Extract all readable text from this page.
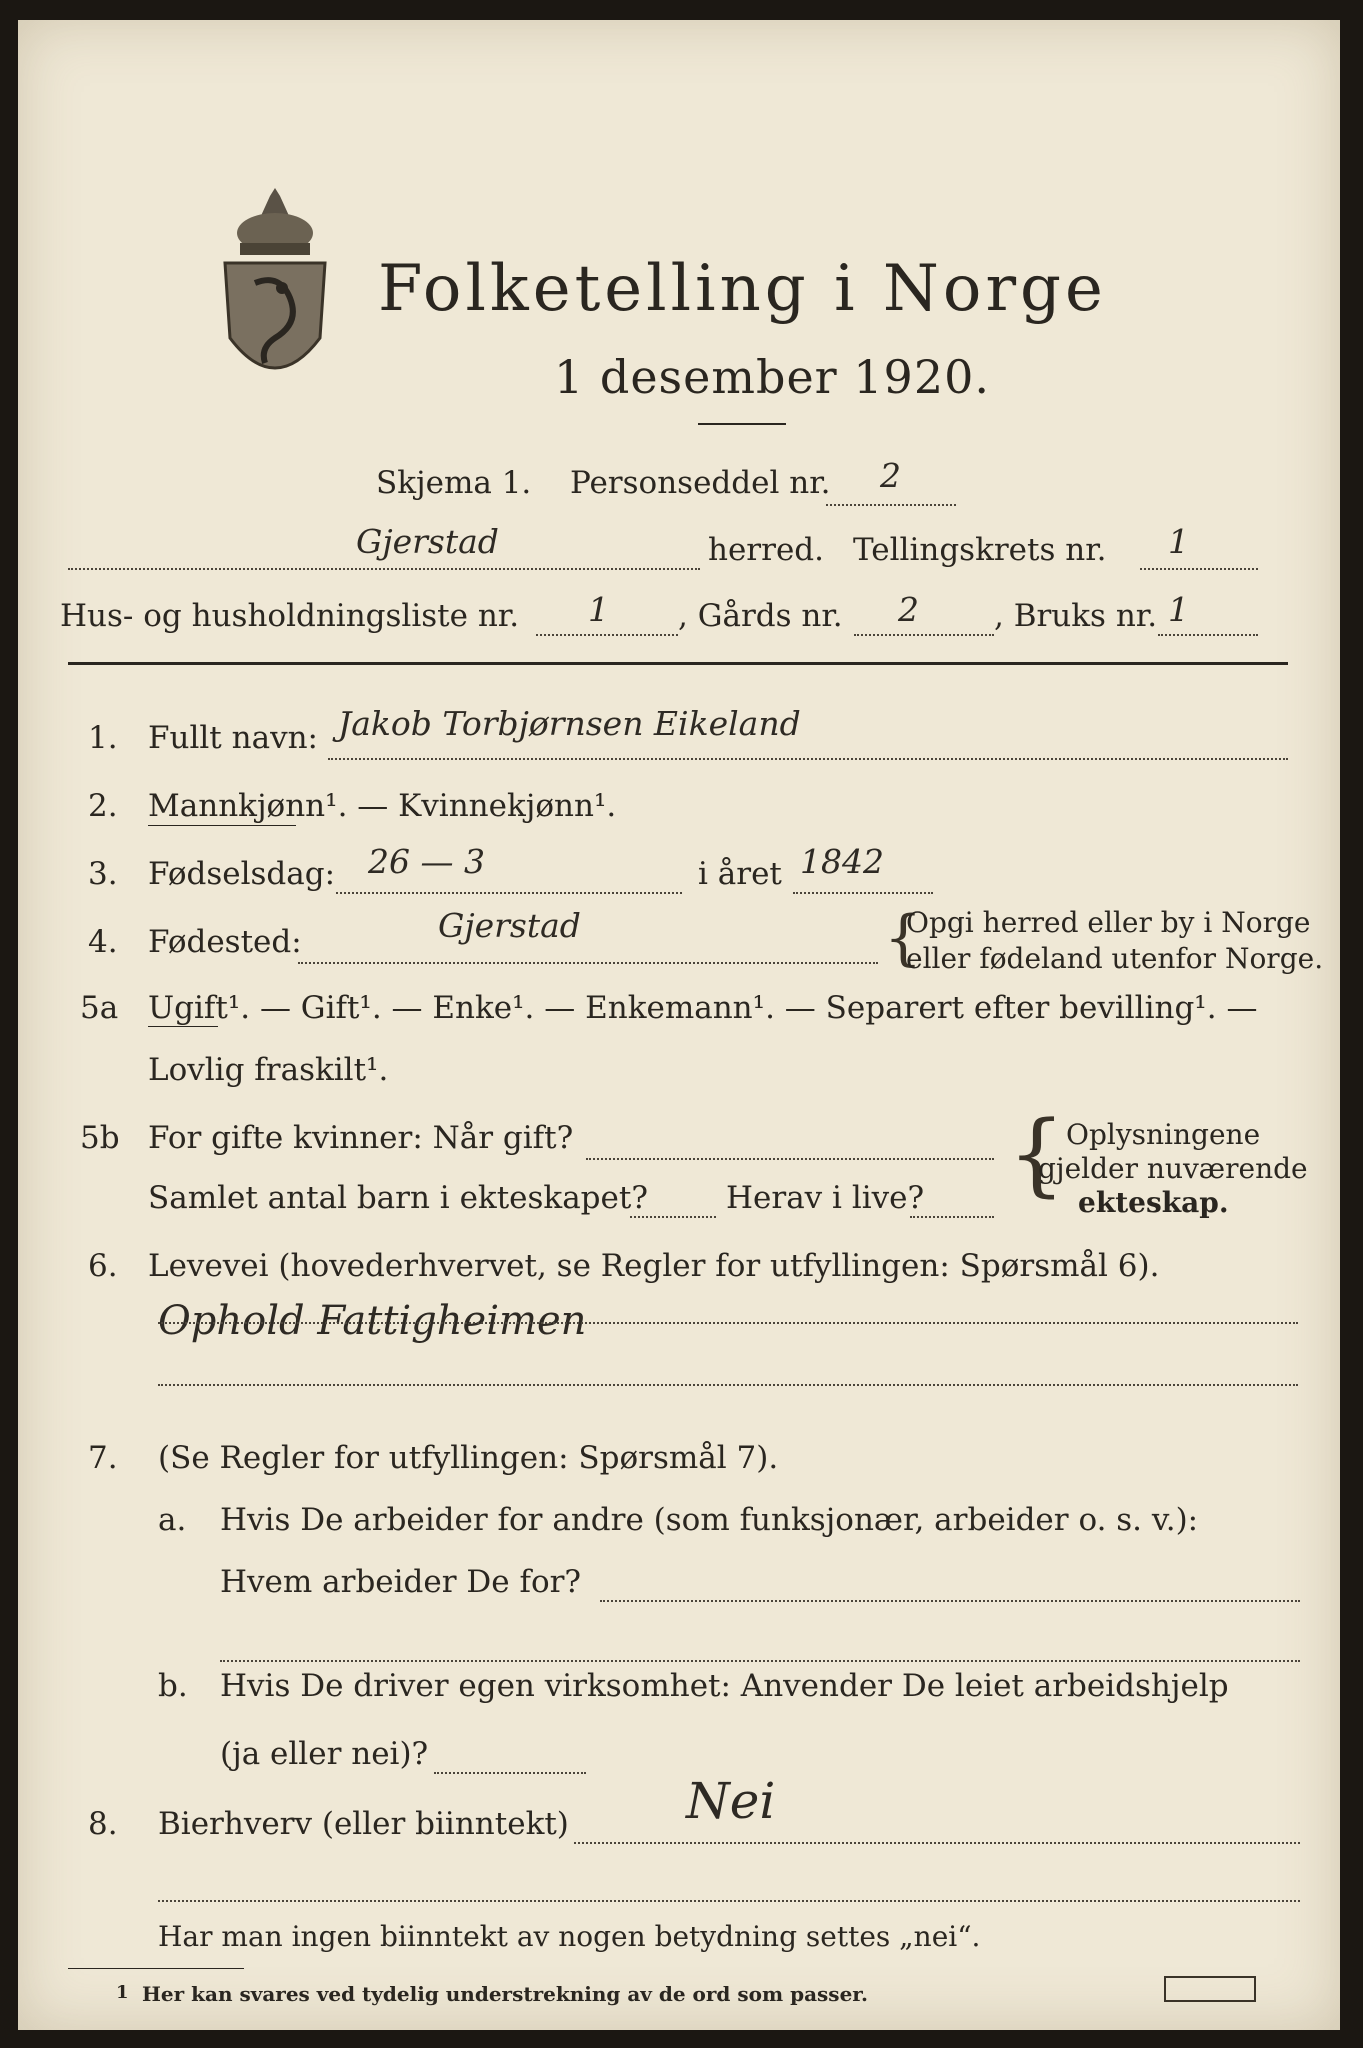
Folketelling i Norge
1 desember 1920.
Skjema 1. Personseddel nr. 2
Gjerstad	herred. Tellingskrets nr. 1
Hus- og husholdningsliste nr. 1 , Gårds nr. 2 , Bruks nr. 1
1. Fullt navn: Jakob Torbjørnsen Eikeland
2. Mannkjønn¹. — Kvinnekjønn¹.
3. Fødselsdag: 26 — 3	i året 1842
4. Fødested:	Gjerstad	{
Opgi herred eller by i Norge
eller fødeland utenfor Norge.
5a Ugift¹. — Gift¹. — Enke¹. — Enkemann¹. — Separert efter bevilling¹. —
Lovlig fraskilt¹.
5b For gifte kvinner: Når gift?
Samlet antal barn i ekteskapet?	Herav i live? { Oplysningene
gjelder nuværende
ekteskap.
6. Levevei (hovederhvervet, se Regler for utfyllingen: Spørsmål 6).
Ophold Fattigheimen
7. (Se Regler for utfyllingen: Spørsmål 7).
a. Hvis De arbeider for andre (som funksjonær, arbeider o. s. v.):
Hvem arbeider De for?
b. Hvis De driver egen virksomhet: Anvender De leiet arbeidshjelp
(ja eller nei)?
8. Bierhverv (eller biinntekt) Nei
Har man ingen biinntekt av nogen betydning settes „nei“.
1 Her kan svares ved tydelig understrekning av de ord som passer.
